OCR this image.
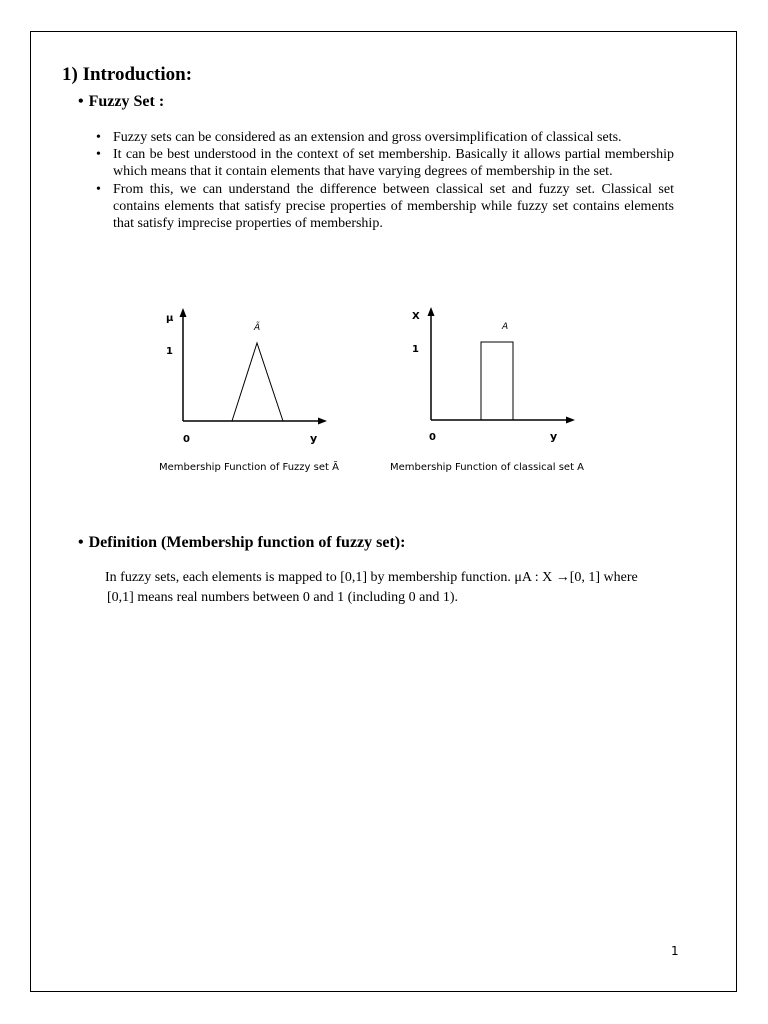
1) Introduction:
• Fuzzy Set :
• Fuzzy sets can be considered as an extension and gross oversimplification of classical sets.
• It can be best understood in the context of set membership. Basically it allows partial membership which means that it contain elements that have varying degrees of membership in the set.
• From this, we can understand the difference between classical set and fuzzy set. Classical set contains elements that satisfy precise properties of membership while fuzzy set contains elements that satisfy imprecise properties of membership.
μ
Ã
1
0	y
X
A
1
0	y
Membership Function of Fuzzy set Ã	Membership Function of classical set A
• Definition (Membership function of fuzzy set):

In fuzzy sets, each elements is mapped to [0,1] by membership function. μA : X →[0, 1] where
[0,1] means real numbers between 0 and 1 (including 0 and 1).

1
